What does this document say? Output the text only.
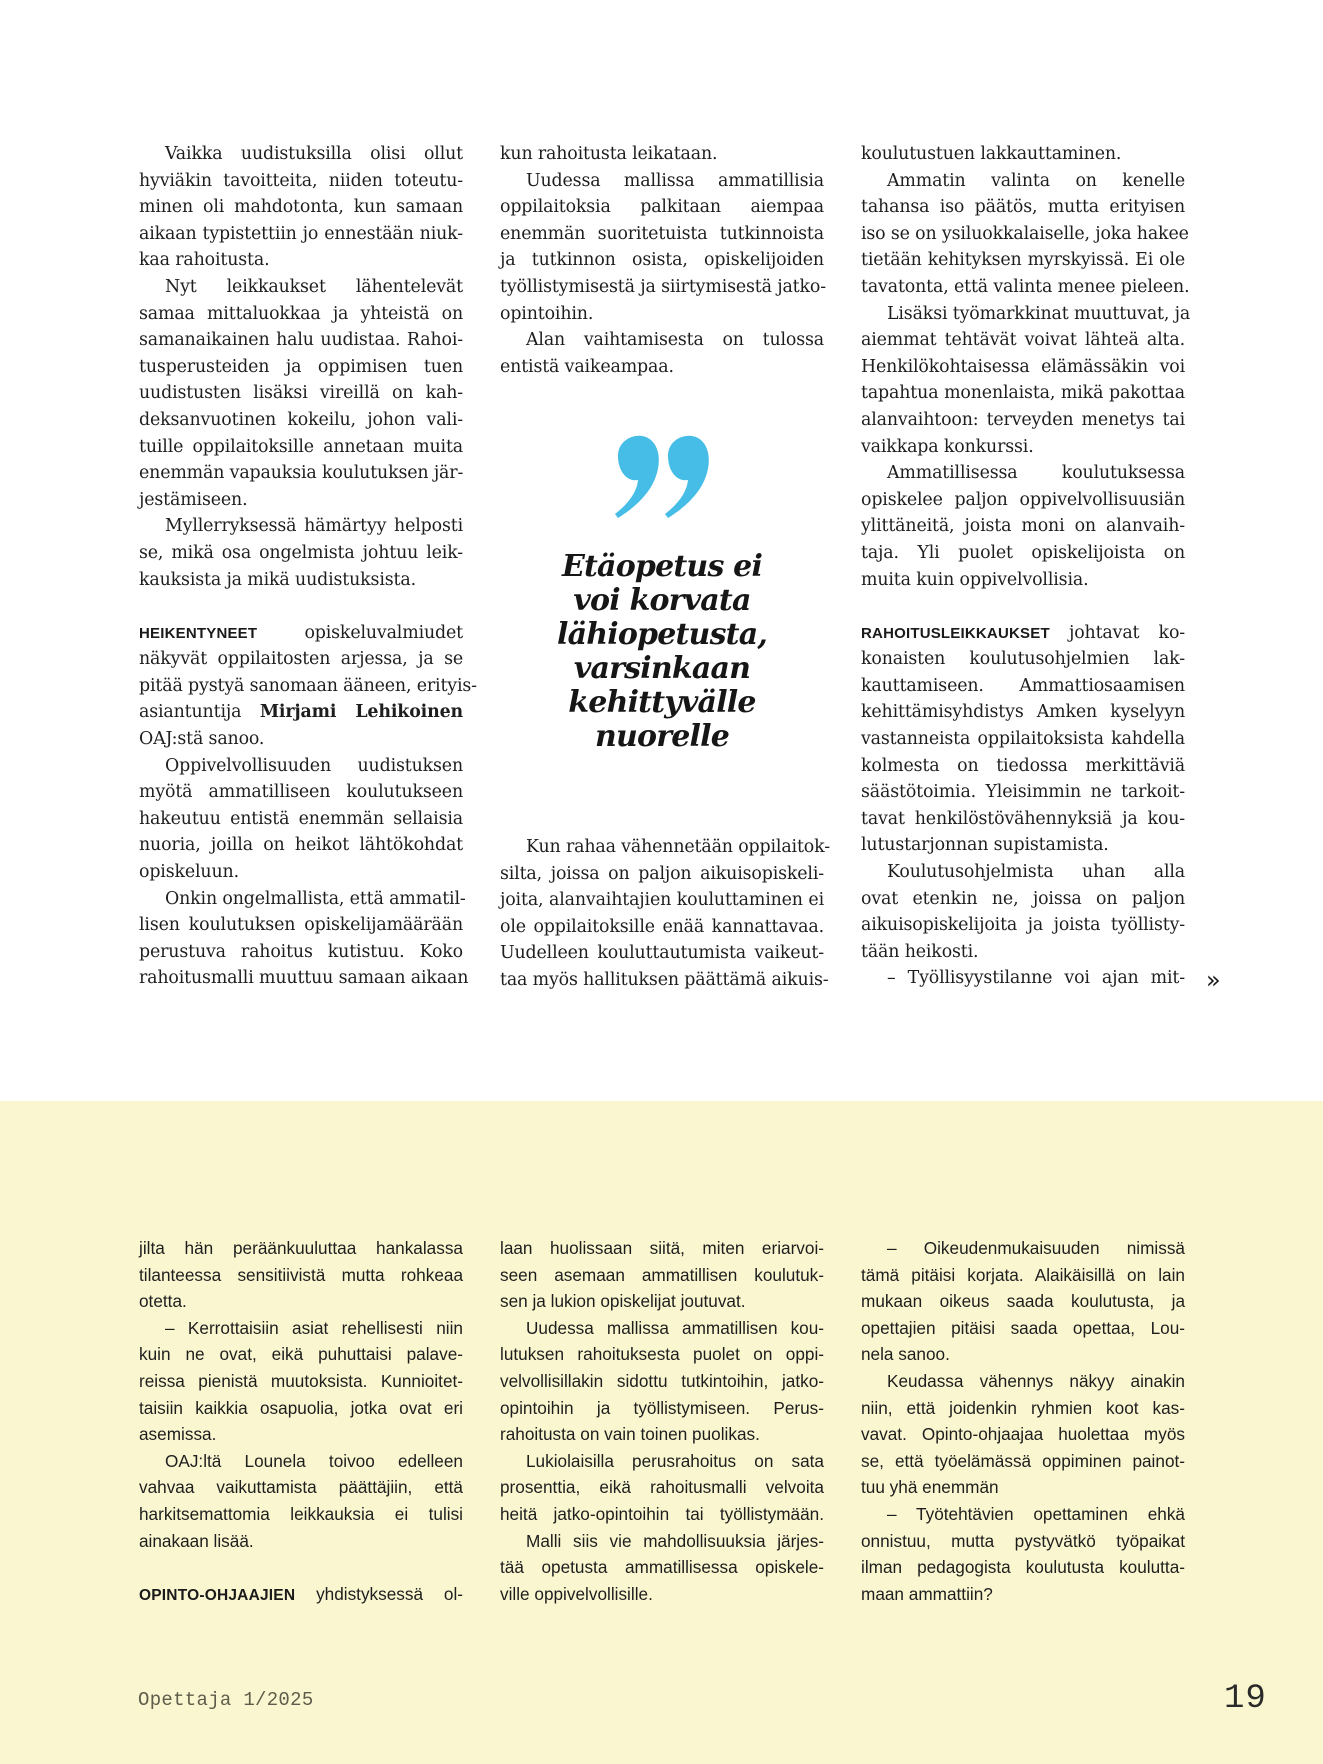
Vaikka uudistuksilla olisi ollut
hyviäkin tavoitteita, niiden toteutu-
minen oli mahdotonta, kun samaan
aikaan typistettiin jo ennestään niuk-
kaa rahoitusta.
Nyt leikkaukset lähentelevät
samaa mittaluokkaa ja yhteistä on
samanaikainen halu uudistaa. Rahoi-
tusperusteiden ja oppimisen tuen
uudistusten lisäksi vireillä on kah-
deksanvuotinen kokeilu, johon vali-
tuille oppilaitoksille annetaan muita
enemmän vapauksia koulutuksen jär-
jestämiseen.
Myllerryksessä hämärtyy helposti
se, mikä osa ongelmista johtuu leik-
kauksista ja mikä uudistuksista.
HEIKENTYNEET	opiskeluvalmiudet
näkyvät oppilaitosten arjessa, ja se
pitää pystyä sanomaan ääneen, erityis-
asiantuntija Mirjami Lehikoinen
OAJ:stä sanoo.
Oppivelvollisuuden uudistuksen
myötä ammatilliseen koulutukseen
hakeutuu entistä enemmän sellaisia
nuoria, joilla on heikot lähtökohdat
opiskeluun.
Onkin ongelmallista, että ammatil-
lisen koulutuksen opiskelijamäärään
perustuva rahoitus kutistuu. Koko
rahoitusmalli muuttuu samaan aikaan
kun rahoitusta leikataan.
Uudessa mallissa ammatillisia
oppilaitoksia palkitaan aiempaa
enemmän suoritetuista tutkinnoista
ja tutkinnon osista, opiskelijoiden
työllistymisestä ja siirtymisestä jatko-
opintoihin.
Alan vaihtamisesta on tulossa
entistä vaikeampaa.
Etäopetus ei
voi korvata
lähiopetusta,
varsinkaan
kehittyvälle
nuorelle
Kun rahaa vähennetään oppilaitok-
silta, joissa on paljon aikuisopiskeli-
joita, alanvaihtajien kouluttaminen ei
ole oppilaitoksille enää kannattavaa.
Uudelleen kouluttautumista vaikeut-
taa myös hallituksen päättämä aikuis-
koulutustuen lakkauttaminen.
Ammatin valinta on kenelle
tahansa iso päätös, mutta erityisen
iso se on ysiluokkalaiselle, joka hakee
tietään kehityksen myrskyissä. Ei ole
tavatonta, että valinta menee pieleen.
Lisäksi työmarkkinat muuttuvat, ja
aiemmat tehtävät voivat lähteä alta.
Henkilökohtaisessa elämässäkin voi
tapahtua monenlaista, mikä pakottaa
alanvaihtoon: terveyden menetys tai
vaikkapa konkurssi.
Ammatillisessa koulutuksessa
opiskelee paljon oppivelvollisuusiän
ylittäneitä, joista moni on alanvaih-
taja. Yli puolet opiskelijoista on
muita kuin oppivelvollisia.
RAHOITUSLEIKKAUKSET johtavat ko-
konaisten koulutusohjelmien lak-
kauttamiseen. Ammattiosaamisen
kehittämisyhdistys Amken kyselyyn
vastanneista oppilaitoksista kahdella
kolmesta on tiedossa merkittäviä
säästötoimia. Yleisimmin ne tarkoit-
tavat henkilöstövähennyksiä ja kou-
lutustarjonnan supistamista.
Koulutusohjelmista uhan alla
ovat etenkin ne, joissa on paljon
aikuisopiskelijoita ja joista työllisty-
tään heikosti.
– Työllisyystilanne voi ajan mit- »
jilta hän peräänkuuluttaa hankalassa
tilanteessa sensitiivistä mutta rohkeaa
otetta.
– Kerrottaisiin asiat rehellisesti niin
kuin ne ovat, eikä puhuttaisi palave-
reissa pienistä muutoksista. Kunnioitet-
taisiin kaikkia osapuolia, jotka ovat eri
asemissa.
OAJ:ltä Lounela toivoo edelleen
vahvaa vaikuttamista päättäjiin, että
harkitsemattomia leikkauksia ei tulisi
ainakaan lisää.
OPINTO-OHJAAJIEN yhdistyksessä ol-
laan huolissaan siitä, miten eriarvoi-
seen asemaan ammatillisen koulutuk-
sen ja lukion opiskelijat joutuvat.
Uudessa mallissa ammatillisen kou-
lutuksen rahoituksesta puolet on oppi-
velvollisillakin sidottu tutkintoihin, jatko-
opintoihin ja työllistymiseen. Perus-
rahoitusta on vain toinen puolikas.
Lukiolaisilla perusrahoitus on sata
prosenttia, eikä rahoitusmalli velvoita
heitä jatko-opintoihin tai työllistymään.
Malli siis vie mahdollisuuksia järjes-
tää opetusta ammatillisessa opiskele-
ville oppivelvollisille.
– Oikeudenmukaisuuden nimissä
tämä pitäisi korjata. Alaikäisillä on lain
mukaan oikeus saada koulutusta, ja
opettajien pitäisi saada opettaa, Lou-
nela sanoo.
Keudassa vähennys näkyy ainakin
niin, että joidenkin ryhmien koot kas-
vavat. Opinto-ohjaajaa huolettaa myös
se, että työelämässä oppiminen painot-
tuu yhä enemmän
– Työtehtävien opettaminen ehkä
onnistuu, mutta pystyvätkö työpaikat
ilman pedagogista koulutusta koulutta-
maan ammattiin?
Opettaja 1/2025	19
